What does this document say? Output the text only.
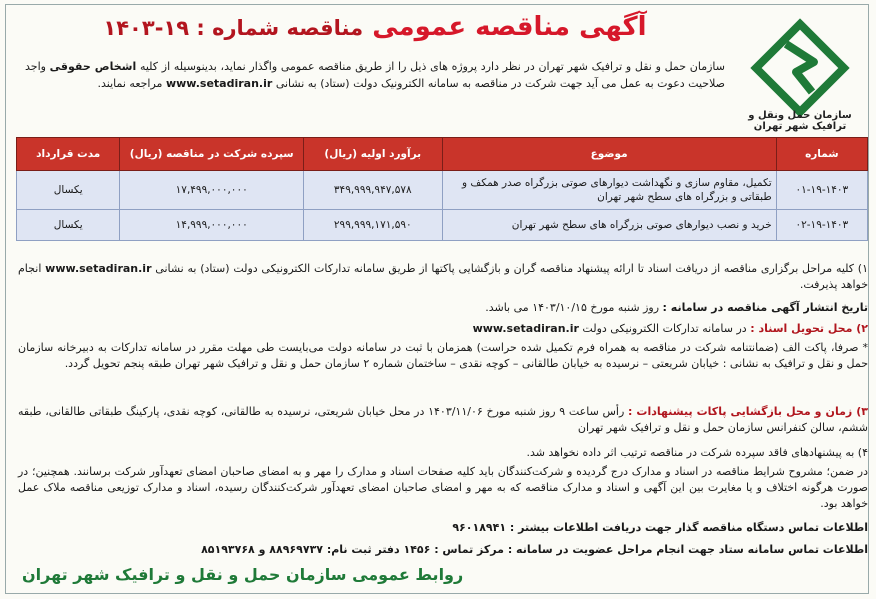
سازمان حمل ونقل و ترافیک شهر تهران
آگهی مناقصه عمومی مناقصه شماره : ۱۹-۱۴۰۳
سازمان حمل و نقل و ترافیک شهر تهران در نظر دارد پروژه های ذیل را از طریق مناقصه عمومی واگذار نماید، بدینوسیله از کلیه اشخاص حقوقی واجد صلاحیت دعوت به عمل می آید جهت شرکت در مناقصه به سامانه الکترونیک دولت (ستاد) به نشانی www.setadiran.ir مراجعه نمایند.
شماره	موضوع	برآورد اولیه (ریال)	سپرده شرکت در مناقصه (ریال)	مدت قرارداد
۰۱-۱۹-۱۴۰۳	تکمیل، مقاوم سازی و نگهداشت دیوارهای صوتی بزرگراه صدر همکف و طبقاتی و بزرگراه های سطح شهر تهران	۳۴۹,۹۹۹,۹۴۷,۵۷۸	۱۷,۴۹۹,۰۰۰,۰۰۰	یکسال
۰۲-۱۹-۱۴۰۳	خرید و نصب دیوارهای صوتی بزرگراه های سطح شهر تهران	۲۹۹,۹۹۹,۱۷۱,۵۹۰	۱۴,۹۹۹,۰۰۰,۰۰۰	یکسال
۱) کلیه مراحل برگزاری مناقصه از دریافت اسناد تا ارائه پیشنهاد مناقصه گران و بازگشایی پاکتها از طریق سامانه تدارکات الکترونیکی دولت (ستاد) به نشانی www.setadiran.ir انجام خواهد پذیرفت.
تاریخ انتشار آگهی مناقصه در سامانه : روز شنبه مورخ ۱۴۰۳/۱۰/۱۵ می باشد.
۲) محل تحویل اسناد : در سامانه تدارکات الکترونیکی دولت www.setadiran.ir
* صرفا، پاکت الف (ضمانتنامه شرکت در مناقصه به همراه فرم تکمیل شده حراست) همزمان با ثبت در سامانه دولت می‌بایست طی مهلت مقرر در سامانه تدارکات به دبیرخانه سازمان حمل و نقل و ترافیک به نشانی : خیابان شریعتی – نرسیده به خیابان طالقانی – کوچه نقدی – ساختمان شماره ۲ سازمان حمل و نقل و ترافیک شهر تهران طبقه پنجم تحویل گردد.
۳) زمان و محل بازگشایی پاکات پیشنهادات : رأس ساعت ۹ روز شنبه مورخ ۱۴۰۳/۱۱/۰۶ در محل خیابان شریعتی، نرسیده به طالقانی، کوچه نقدی، پارکینگ طبقاتی طالقانی، طبقه ششم، سالن کنفرانس سازمان حمل و نقل و ترافیک شهر تهران
۴) به پیشنهادهای فاقد سپرده شرکت در مناقصه ترتیب اثر داده نخواهد شد.
در ضمن؛ مشروح شرایط مناقصه در اسناد و مدارک درج گردیده و شرکت‌کنندگان باید کلیه صفحات اسناد و مدارک را مهر و به امضای صاحبان امضای تعهدآور شرکت برسانند. همچنین؛ در صورت هرگونه اختلاف و یا مغایرت بین این آگهی و اسناد و مدارک مناقصه که به مهر و امضای صاحبان امضای تعهدآور شرکت‌کنندگان رسیده، اسناد و مدارک توزیعی مناقصه ملاک عمل خواهد بود.
اطلاعات تماس دستگاه مناقصه گذار جهت دریافت اطلاعات بیشتر : ۹۶۰۱۸۹۴۱
اطلاعات تماس سامانه ستاد جهت انجام مراحل عضویت در سامانه : مرکز تماس : ۱۴۵۶ دفتر ثبت نام: ۸۸۹۶۹۷۳۷ و ۸۵۱۹۳۷۶۸
روابط عمومی سازمان حمل و نقل و ترافیک شهر تهران
